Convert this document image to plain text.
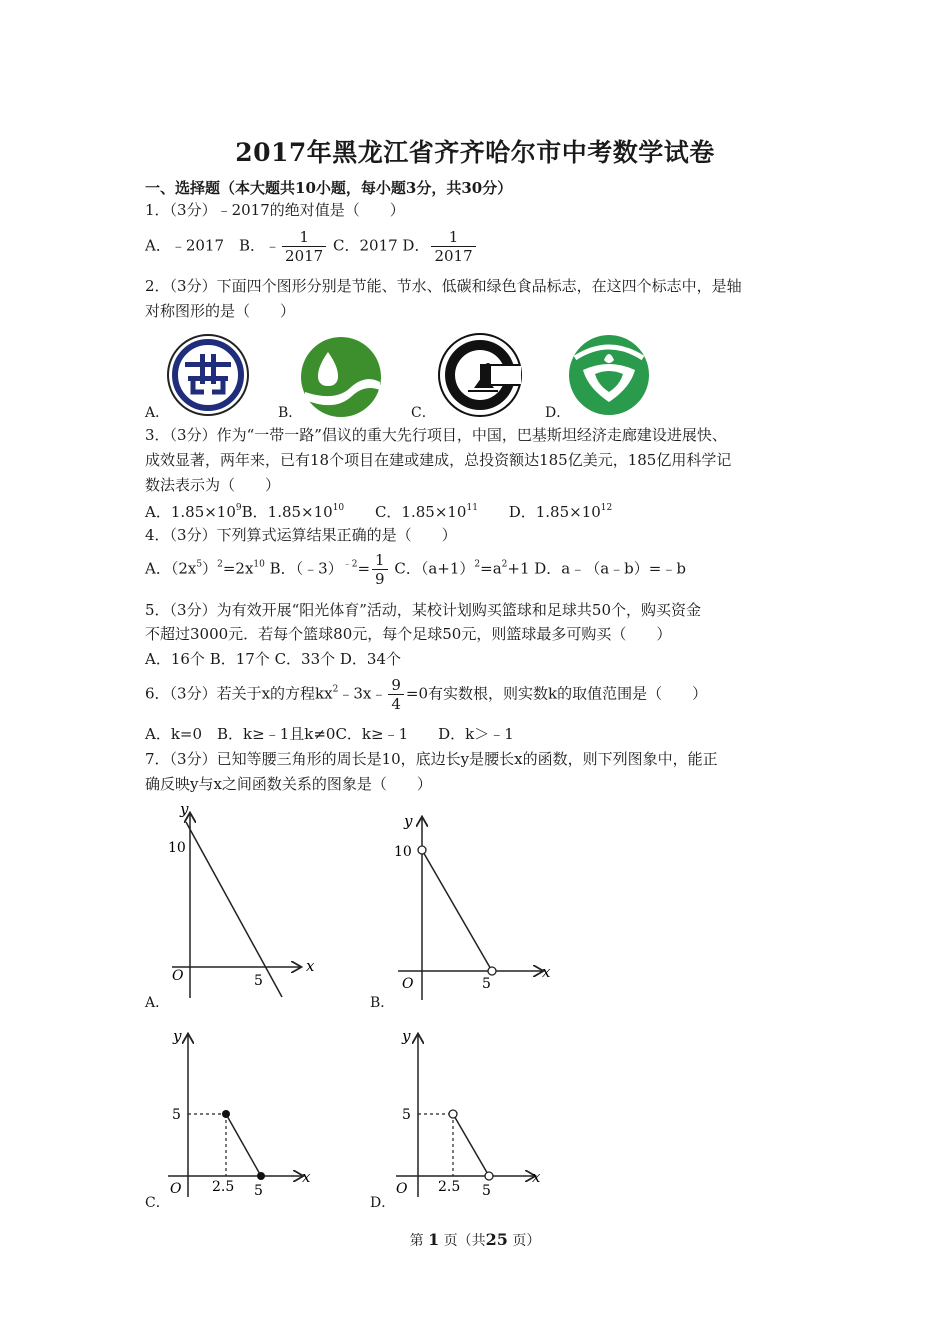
2017年黑龙江省齐齐哈尔市中考数学试卷
一、选择题（本大题共10小题，每小题3分，共30分）
1．（3分）﹣2017的绝对值是（　　）
A．﹣2017　B．﹣ $\frac{1}{2017}$ C．2017 D． $\frac{1}{2017}$
2．（3分）下面四个图形分别是节能、节水、低碳和绿色食品标志，在这四个标志中，是轴
对称图形的是（　　）
A．	B．	C．	D．
3．（3分）作为“一带一路”倡议的重大先行项目，中国，巴基斯坦经济走廊建设进展快、
成效显著，两年来，已有18个项目在建或建成，总投资额达185亿美元，185亿用科学记
数法表示为（　　）
A．$1.85\times 10^9B$．$1.85\times 10^{10}$ C．$1.85\times 10^{11}$ D．$1.85\times 10^{12}$
4．（3分）下列算式运算结果正确的是（　　）
A．$(2x^5)^2=2x^{10}$ B．（﹣3）$^{﹣2}$= $\frac{1}{9}$ C．$(a+1)^2=a^2+1$ D．a﹣（a﹣b）=﹣b
5．（3分）为有效开展“阳光体育”活动，某校计划购买篮球和足球共50个，购买资金
不超过3000元．若每个篮球80元，每个足球50元，则篮球最多可购买（　　）
A．16个 B．17个 C．33个 D．34个
6．（3分）若关于x的方程$kx^2﹣3x﹣ \frac{9}{4} =0$有实数根，则实数k的取值范围是（　　）
A．k=0　B．k≥﹣1且k≠0C．k≥﹣1　　D．k＞﹣1
7．（3分）已知等腰三角形的周长是10，底边长y是腰长x的函数，则下列图象中，能正
确反映y与x之间函数关系的图象是（　　）
y
x
O
10
5
y
x
O
10
5
A．	B．
y
x
O
5
2.5 5
y
x
O
5
2.5 5
C．	D．
第 1 页（共25 页）
